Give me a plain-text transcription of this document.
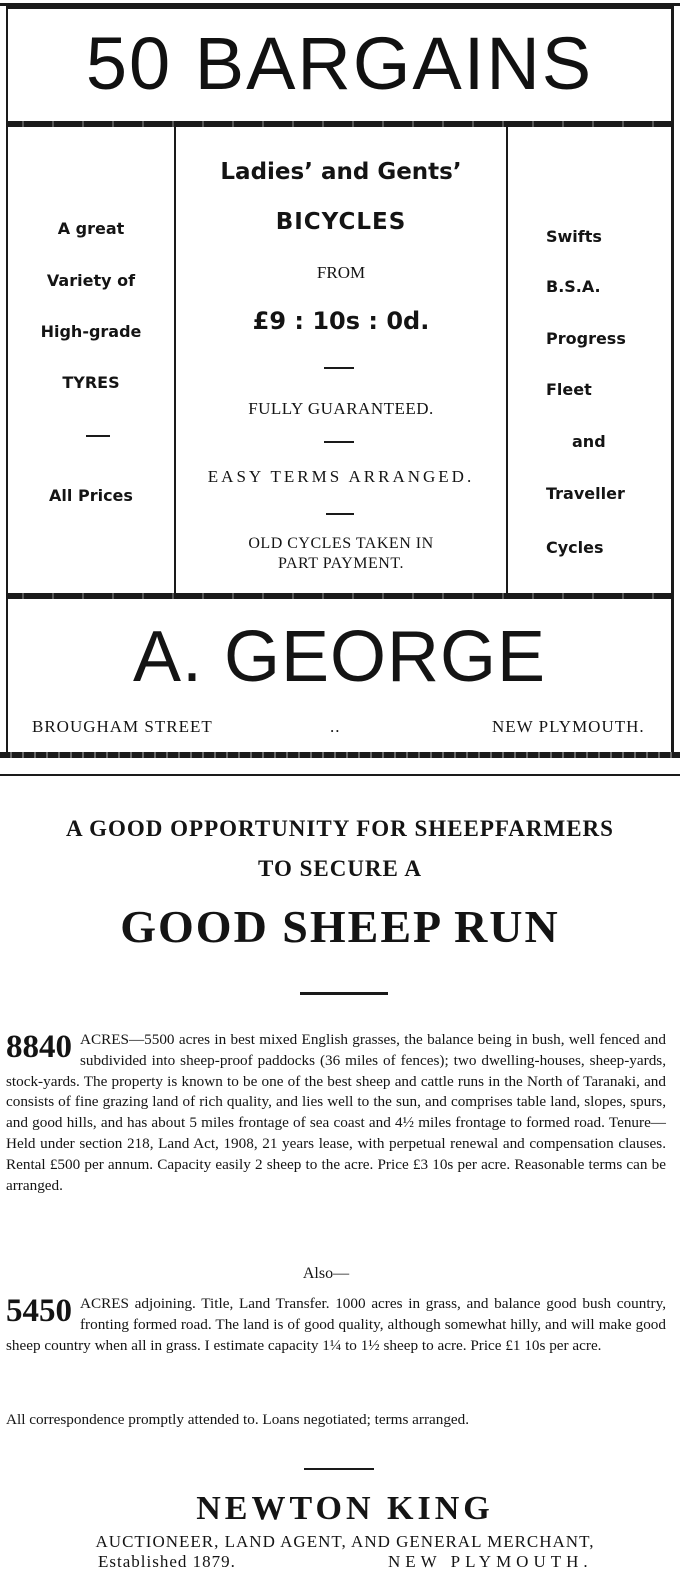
50 BARGAINS
A great
Variety of
High-grade
TYRES
All Prices
Ladies’ and Gents’
BICYCLES
FROM
£9 : 10s : 0d.
FULLY GUARANTEED.
EASY TERMS ARRANGED.
OLD CYCLES TAKEN IN
PART PAYMENT.
Swifts
B.S.A.
Progress
Fleet
and
Traveller
Cycles
A. GEORGE
BROUGHAM STREET	..	NEW PLYMOUTH.
A GOOD OPPORTUNITY FOR SHEEPFARMERS
TO SECURE A
GOOD SHEEP RUN
8840 ACRES—5500 acres in best mixed English grasses, the balance being in bush, well fenced and subdivided into sheep-proof paddocks (36 miles of fences); two dwelling-houses, sheep-yards, stock-yards. The property is known to be one of the best sheep and cattle runs in the North of Taranaki, and consists of fine grazing land of rich quality, and lies well to the sun, and comprises table land, slopes, spurs, and good hills, and has about 5 miles frontage of sea coast and 4½ miles frontage to formed road. Tenure—Held under section 218, Land Act, 1908, 21 years lease, with perpetual renewal and compensation clauses. Rental £500 per annum. Capacity easily 2 sheep to the acre. Price £3 10s per acre. Reasonable terms can be arranged.
Also—
5450 ACRES adjoining. Title, Land Transfer. 1000 acres in grass, and balance good bush country, fronting formed road. The land is of good quality, although somewhat hilly, and will make good sheep country when all in grass. I estimate capacity 1¼ to 1½ sheep to acre. Price £1 10s per acre.
All correspondence promptly attended to. Loans negotiated; terms arranged.
NEWTON KING
AUCTIONEER, LAND AGENT, AND GENERAL MERCHANT,
Established 1879.	NEW PLYMOUTH.
